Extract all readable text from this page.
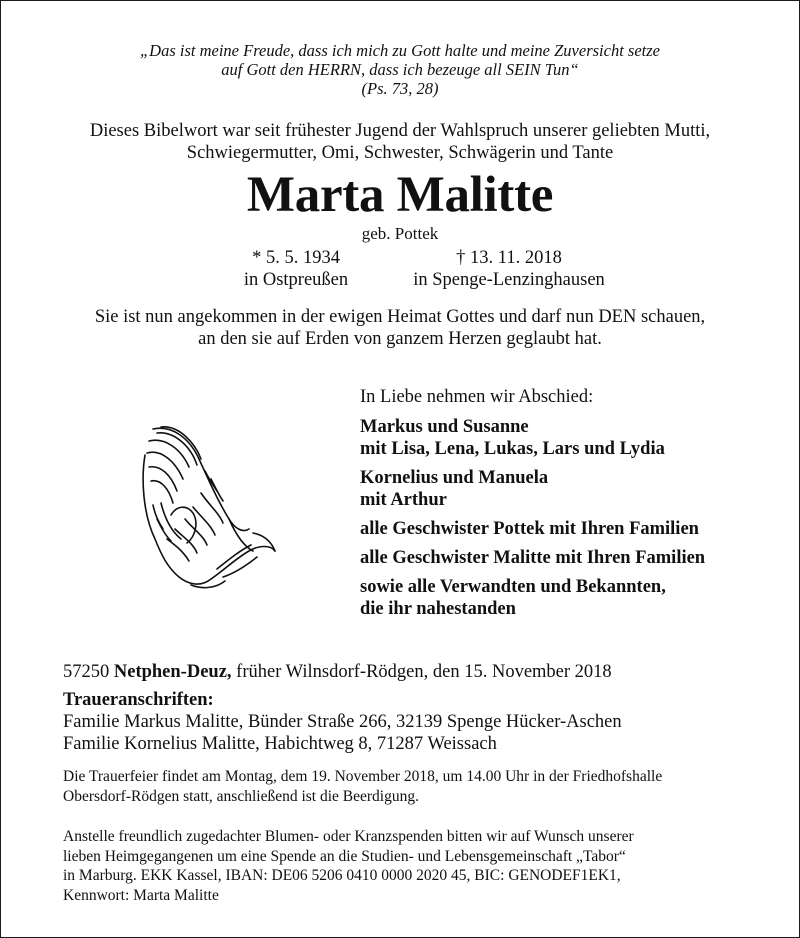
„Das ist meine Freude, dass ich mich zu Gott halte und meine Zuversicht setze
auf Gott den HERRN, dass ich bezeuge all SEIN Tun“
(Ps. 73, 28)
Dieses Bibelwort war seit frühester Jugend der Wahlspruch unserer geliebten Mutti,
Schwiegermutter, Omi, Schwester, Schwägerin und Tante
Marta Malitte
geb. Pottek
* 5. 5. 1934
in Ostpreußen
† 13. 11. 2018
in Spenge-Lenzinghausen
Sie ist nun angekommen in der ewigen Heimat Gottes und darf nun DEN schauen,
an den sie auf Erden von ganzem Herzen geglaubt hat.
In Liebe nehmen wir Abschied:
Markus und Susanne
mit Lisa, Lena, Lukas, Lars und Lydia
Kornelius und Manuela
mit Arthur
alle Geschwister Pottek mit Ihren Familien
alle Geschwister Malitte mit Ihren Familien
sowie alle Verwandten und Bekannten,
die ihr nahestanden
57250 Netphen-Deuz, früher Wilnsdorf-Rödgen, den 15. November 2018
Traueranschriften:
Familie Markus Malitte, Bünder Straße 266, 32139 Spenge Hücker-Aschen
Familie Kornelius Malitte, Habichtweg 8, 71287 Weissach
Die Trauerfeier findet am Montag, dem 19. November 2018, um 14.00 Uhr in der Friedhofshalle
Obersdorf-Rödgen statt, anschließend ist die Beerdigung.
Anstelle freundlich zugedachter Blumen- oder Kranzspenden bitten wir auf Wunsch unserer
lieben Heimgegangenen um eine Spende an die Studien- und Lebensgemeinschaft „Tabor“
in Marburg. EKK Kassel, IBAN: DE06 5206 0410 0000 2020 45, BIC: GENODEF1EK1,
Kennwort: Marta Malitte
